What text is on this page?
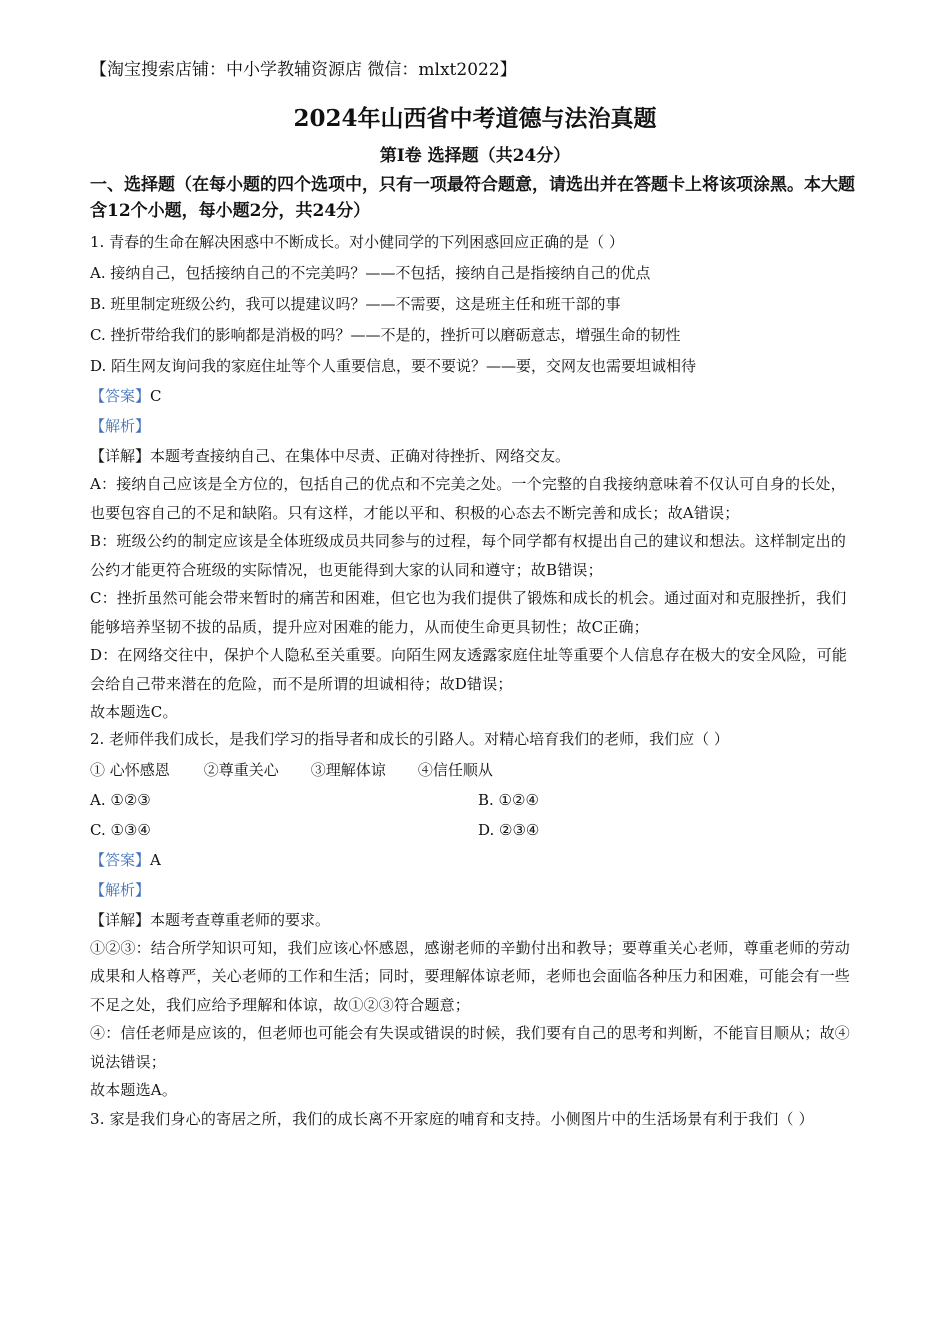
【淘宝搜索店铺：中小学教辅资源店 微信：mlxt2022】
2024年山西省中考道德与法治真题
第Ⅰ卷 选择题（共24分）
一、选择题（在每小题的四个选项中，只有一项最符合题意，请选出并在答题卡上将该项涂黑。本大题含12个小题，每小题2分，共24分）
1. 青春的生命在解决困惑中不断成长。对小健同学的下列困惑回应正确的是（ ）
A. 接纳自己，包括接纳自己的不完美吗？——不包括，接纳自己是指接纳自己的优点
B. 班里制定班级公约，我可以提建议吗？——不需要，这是班主任和班干部的事
C. 挫折带给我们的影响都是消极的吗？——不是的，挫折可以磨砺意志，增强生命的韧性
D. 陌生网友询问我的家庭住址等个人重要信息，要不要说？——要，交网友也需要坦诚相待
【答案】C
【解析】
【详解】本题考查接纳自己、在集体中尽责、正确对待挫折、网络交友。
A：接纳自己应该是全方位的，包括自己的优点和不完美之处。一个完整的自我接纳意味着不仅认可自身的长处，也要包容自己的不足和缺陷。只有这样，才能以平和、积极的心态去不断完善和成长；故A错误；
B：班级公约的制定应该是全体班级成员共同参与的过程，每个同学都有权提出自己的建议和想法。这样制定出的公约才能更符合班级的实际情况，也更能得到大家的认同和遵守；故B错误；
C：挫折虽然可能会带来暂时的痛苦和困难，但它也为我们提供了锻炼和成长的机会。通过面对和克服挫折，我们能够培养坚韧不拔的品质，提升应对困难的能力，从而使生命更具韧性；故C正确；
D：在网络交往中，保护个人隐私至关重要。向陌生网友透露家庭住址等重要个人信息存在极大的安全风险，可能会给自己带来潜在的危险，而不是所谓的坦诚相待；故D错误；
故本题选C。
2. 老师伴我们成长，是我们学习的指导者和成长的引路人。对精心培育我们的老师，我们应（ ）
① 心怀感恩 ②尊重关心 ③理解体谅 ④信任顺从
A. ①②③	B. ①②④
C. ①③④	D. ②③④
【答案】A
【解析】
【详解】本题考查尊重老师的要求。
①②③：结合所学知识可知，我们应该心怀感恩，感谢老师的辛勤付出和教导；要尊重关心老师，尊重老师的劳动成果和人格尊严，关心老师的工作和生活；同时，要理解体谅老师，老师也会面临各种压力和困难，可能会有一些不足之处，我们应给予理解和体谅，故①②③符合题意；
④：信任老师是应该的，但老师也可能会有失误或错误的时候，我们要有自己的思考和判断，不能盲目顺从；故④说法错误；
故本题选A。
3. 家是我们身心的寄居之所，我们的成长离不开家庭的哺育和支持。小侧图片中的生活场景有利于我们（ ）
